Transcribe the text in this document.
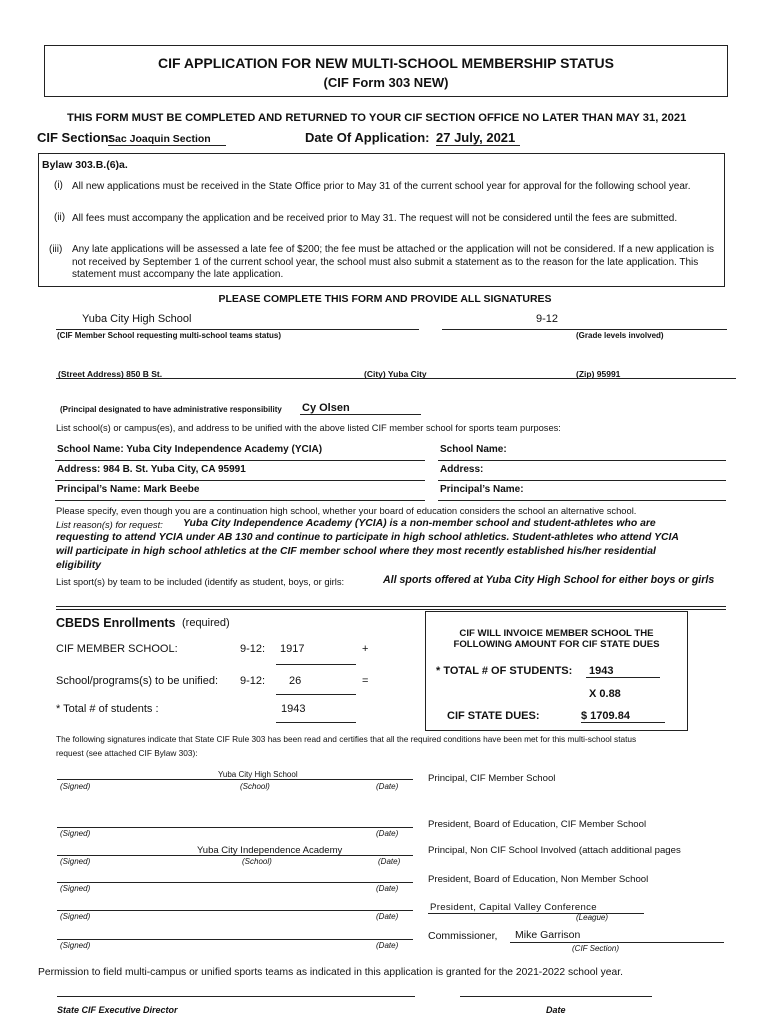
CIF APPLICATION FOR NEW MULTI-SCHOOL MEMBERSHIP STATUS
(CIF Form 303 NEW)
THIS FORM MUST BE COMPLETED AND RETURNED TO YOUR CIF SECTION OFFICE NO LATER THAN MAY 31, 2021
CIF Section:
Sac Joaquin Section	Date Of Application: 27 July, 2021
Bylaw 303.B.(6)a.
(i) All new applications must be received in the State Office prior to May 31 of the current school year for approval for the following school year.
(ii) All fees must accompany the application and be received prior to May 31. The request will not be considered until the fees are submitted.
(iii) Any late applications will be assessed a late fee of $200; the fee must be attached or the application will not be considered. If a new application is not received by September 1 of the current school year, the school must also submit a statement as to the reason for the late application. This statement must accompany the late application.
PLEASE COMPLETE THIS FORM AND PROVIDE ALL SIGNATURES
Yuba City High School
(CIF Member School requesting multi-school teams status)
9-12
(Grade levels involved)
(Street Address) 850 B St.	(City) Yuba City	(Zip) 95991
(Principal designated to have administrative responsibility Cy Olsen
List school(s) or campus(es), and address to be unified with the above listed CIF member school for sports team purposes:
School Name: Yuba City Independence Academy (YCIA)
Address: 984 B. St. Yuba City, CA 95991
Principal’s Name: Mark Beebe
School Name:
Address:
Principal’s Name:
Please specify, even though you are a continuation high school, whether your board of education considers the school an alternative school.
List reason(s) for request: Yuba City Independence Academy (YCIA) is a non-member school and student-athletes who are
requesting to attend YCIA under AB 130 and continue to participate in high school athletics. Student-athletes who attend YCIA
will participate in high school athletics at the CIF member school where they most recently established his/her residential
eligibility
List sport(s) by team to be included (identify as student, boys, or girls:	All sports offered at Yuba City High School for either boys or girls
CBEDS Enrollments (required)
CIF MEMBER SCHOOL:	9-12: 1917	+
School/programs(s) to be unified: 9-12: 26	=
* Total # of students :	1943
CIF WILL INVOICE MEMBER SCHOOL THE
FOLLOWING AMOUNT FOR CIF STATE DUES
* TOTAL # OF STUDENTS: 1943
X 0.88
CIF STATE DUES:	$ 1709.84
The following signatures indicate that State CIF Rule 303 has been read and certifies that all the required conditions have been met for this multi-school status
request (see attached CIF Bylaw 303):
Yuba City High School
(Signed)	(School)	(Date)
Principal, CIF Member School
(Signed)	(Date)
President, Board of Education, CIF Member School
Yuba City Independence Academy
(Signed)	(School)	(Date)
Principal, Non CIF School Involved (attach additional pages
(Signed)	(Date)
President, Board of Education, Non Member School
(Signed)	(Date)
President, Capital Valley Conference
(League)
(Signed)	(Date)
Commissioner, Mike Garrison
(CIF Section)
Permission to field multi-campus or unified sports teams as indicated in this application is granted for the 2021-2022 school year.
State CIF Executive Director	Date
